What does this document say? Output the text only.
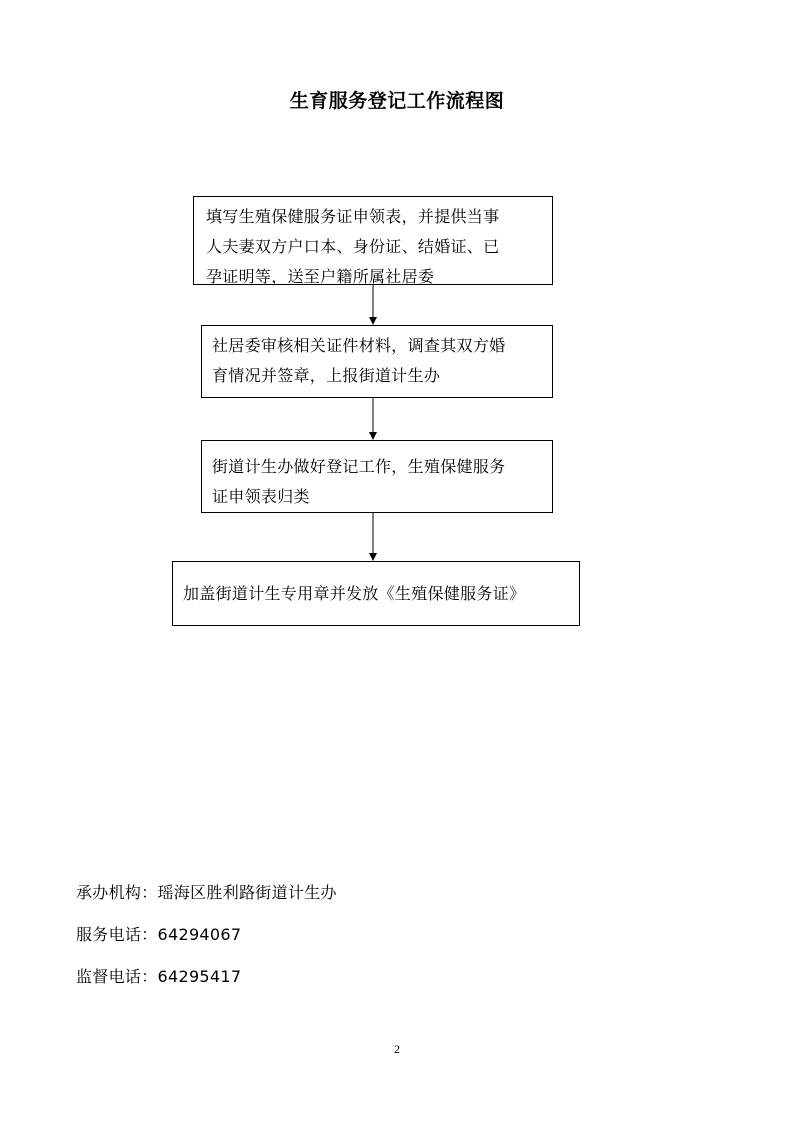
生育服务登记工作流程图
填写生殖保健服务证申领表，并提供当事
人夫妻双方户口本、身份证、结婚证、已
孕证明等，送至户籍所属社居委
社居委审核相关证件材料，调查其双方婚
育情况并签章，上报街道计生办
街道计生办做好登记工作，生殖保健服务
证申领表归类
加盖街道计生专用章并发放《生殖保健服务证》
承办机构：瑶海区胜利路街道计生办
服务电话：64294067
监督电话：64295417
2
